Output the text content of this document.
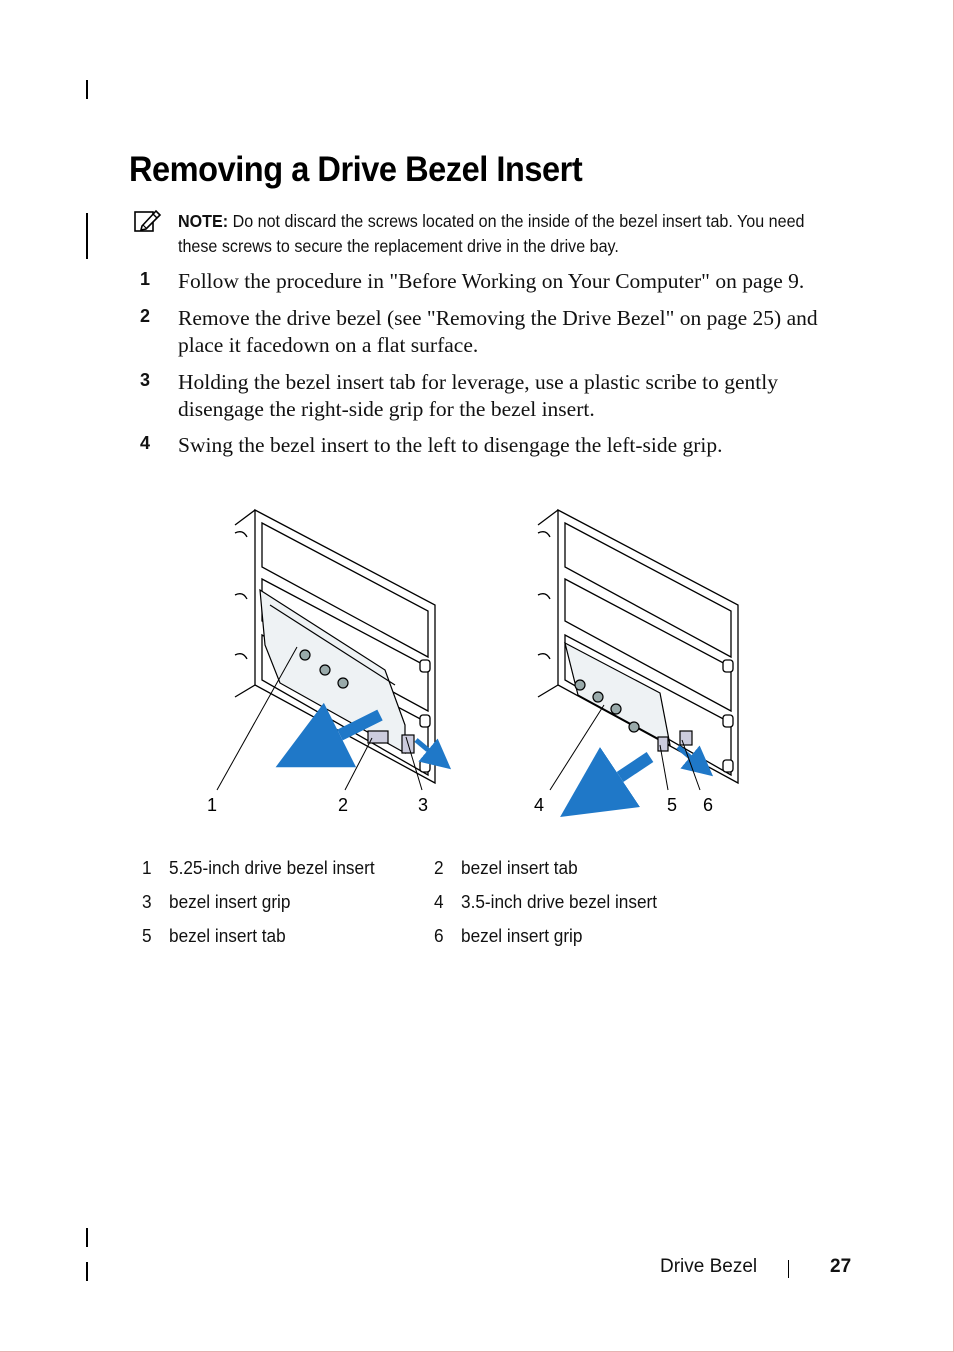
Removing a Drive Bezel Insert
NOTE: Do not discard the screws located on the inside of the bezel insert tab. You need these screws to secure the replacement drive in the drive bay.
1	Follow the procedure in "Before Working on Your Computer" on page 9.
2	Remove the drive bezel (see "Removing the Drive Bezel" on page 25) and place it facedown on a flat surface.
3	Holding the bezel insert tab for leverage, use a plastic scribe to gently disengage the right-side grip for the bezel insert.
4	Swing the bezel insert to the left to disengage the left-side grip.
1	2	3	4	5 6
1 5.25-inch drive bezel insert	2 bezel insert tab
3 bezel insert grip	4 3.5-inch drive bezel insert
5 bezel insert tab	6 bezel insert grip
Drive Bezel	27
